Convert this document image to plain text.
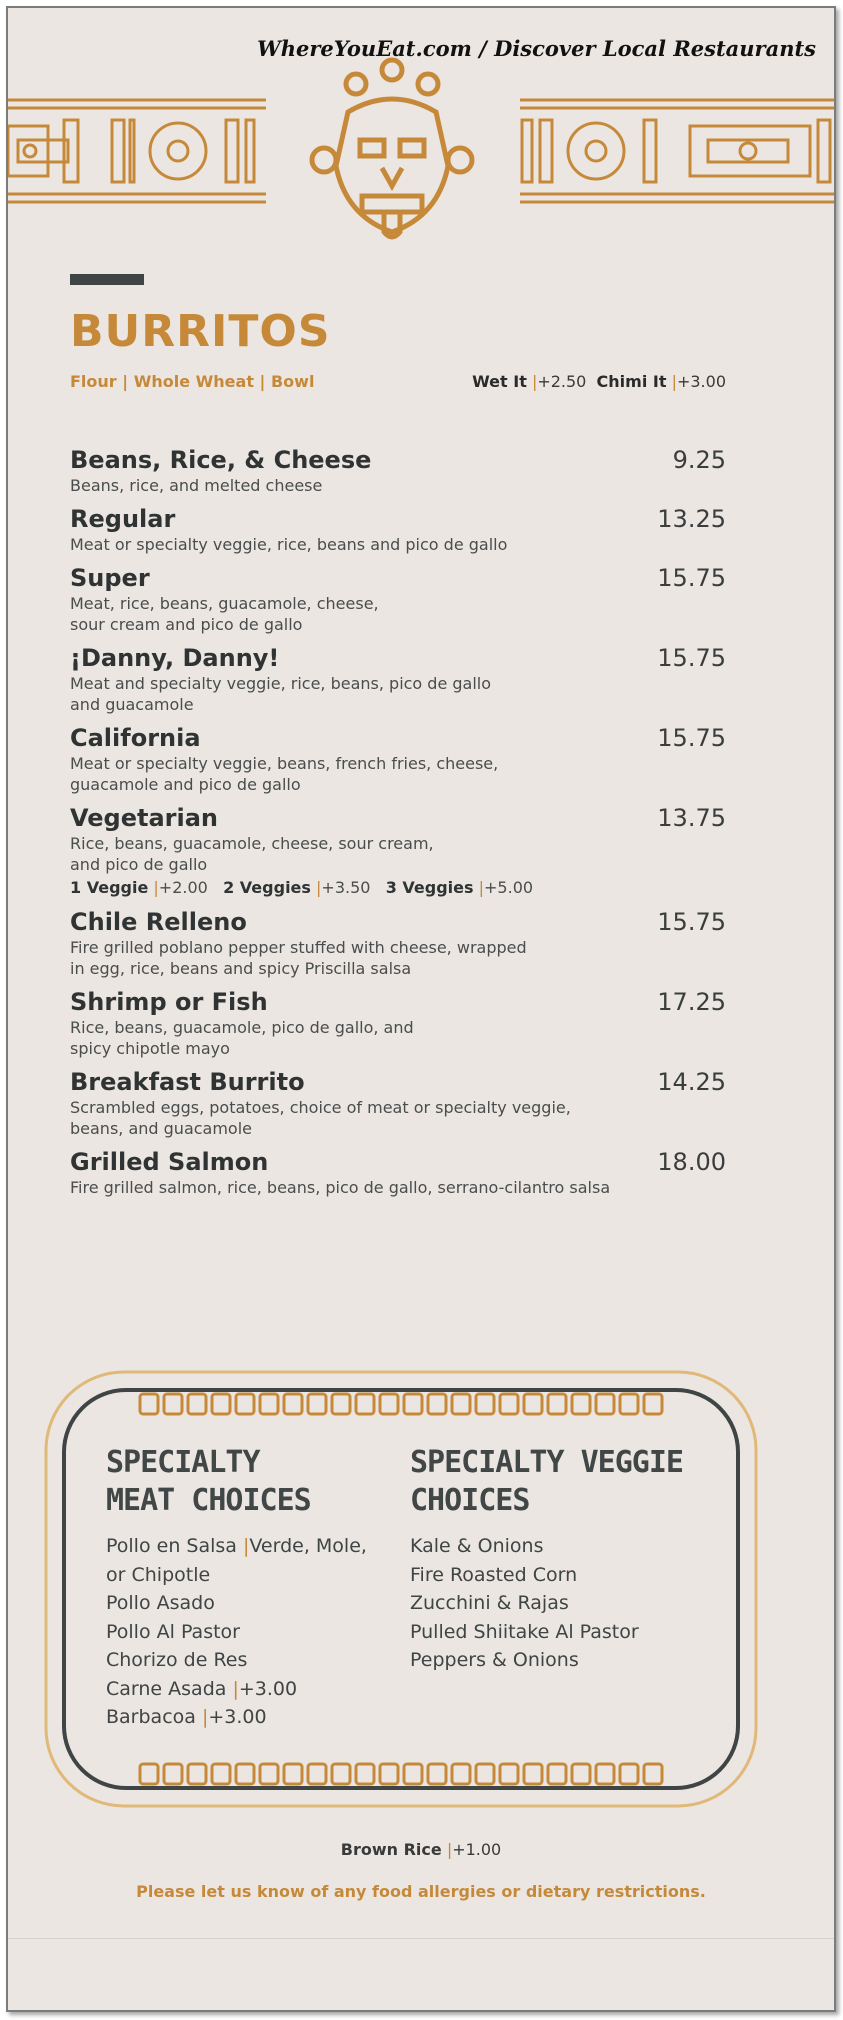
WhereYouEat.com / Discover Local Restaurants
BURRITOS
Flour | Whole Wheat | Bowl	Wet It |+2.50 Chimi It |+3.00
Beans, Rice, & Cheese	9.25
Beans, rice, and melted cheese
Regular	13.25
Meat or specialty veggie, rice, beans and pico de gallo
Super	15.75
Meat, rice, beans, guacamole, cheese,
sour cream and pico de gallo
¡Danny, Danny!	15.75
Meat and specialty veggie, rice, beans, pico de gallo
and guacamole
California	15.75
Meat or specialty veggie, beans, french fries, cheese,
guacamole and pico de gallo
Vegetarian	13.75
Rice, beans, guacamole, cheese, sour cream,
and pico de gallo
1 Veggie |+2.00 2 Veggies |+3.50 3 Veggies |+5.00
Chile Relleno	15.75
Fire grilled poblano pepper stuffed with cheese, wrapped
in egg, rice, beans and spicy Priscilla salsa
Shrimp or Fish	17.25
Rice, beans, guacamole, pico de gallo, and
spicy chipotle mayo
Breakfast Burrito	14.25
Scrambled eggs, potatoes, choice of meat or specialty veggie,
beans, and guacamole
Grilled Salmon	18.00
Fire grilled salmon, rice, beans, pico de gallo, serrano-cilantro salsa
SPECIALTY
MEAT CHOICES
Pollo en Salsa |Verde, Mole,
or Chipotle
Pollo Asado
Pollo Al Pastor
Chorizo de Res
Carne Asada |+3.00
Barbacoa |+3.00
SPECIALTY VEGGIE
CHOICES
Kale & Onions
Fire Roasted Corn
Zucchini & Rajas
Pulled Shiitake Al Pastor
Peppers & Onions
Brown Rice |+1.00
Please let us know of any food allergies or dietary restrictions.
